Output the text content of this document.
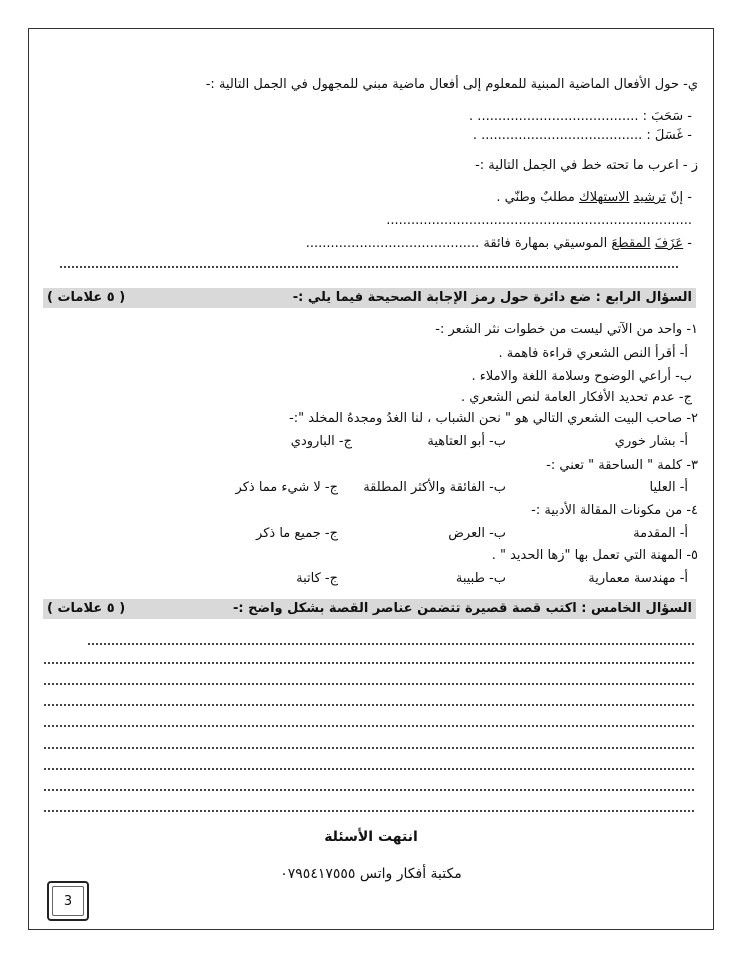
ي- حول الأفعال الماضية المبنية للمعلوم إلى أفعال ماضية مبني للمجهول في الجمل التالية :-
- سَحَبَ : ....................................... .
- غَسَلَ : ....................................... .
ز - اعرب ما تحته خط في الجمل التالية :-
- إنّ ترشيد الاستهلاك مطلبٌ وطنّي .
..........................................................................
- عَزَفَ المقطعَ الموسيقي بمهارة فائقة ..........................................
السؤال الرابع : ضع دائرة حول رمز الإجابة الصحيحة فيما يلي :-
( ٥ علامات )
١- واحد من الآتي ليست من خطوات نثر الشعر :-
أ- أقرأ النص الشعري قراءة فاهمة .
ب- أراعي الوضوح وسلامة اللغة والاملاء .
ج- عدم تحديد الأفكار العامة لنص الشعري .
٢- صاحب البيت الشعري التالي هو " نحن الشباب ، لنا الغدُ ومجدهُ المخلد ":-
أ- بشار خوري
ب- أبو العتاهية
ج- البارودي
٣- كلمة " الساحقة " تعني :-
أ- العليا
ب- الفائقة والأكثر المطلقة
ج- لا شيء مما ذكر
٤- من مكونات المقالة الأدبية :-
أ- المقدمة
ب- العرض
ج- جميع ما ذكر
٥- المهنة التي تعمل بها "زها الحديد " .
أ- مهندسة معمارية
ب- طبيبة
ج- كاتبة
السؤال الخامس : اكتب قصة قصيرة تتضمن عناصر القصة بشكل واضح :-
( ٥ علامات )
انتهت الأسئلة
مكتبة أفكار واتس ٠٧٩٥٤١٧٥٥٥
3
